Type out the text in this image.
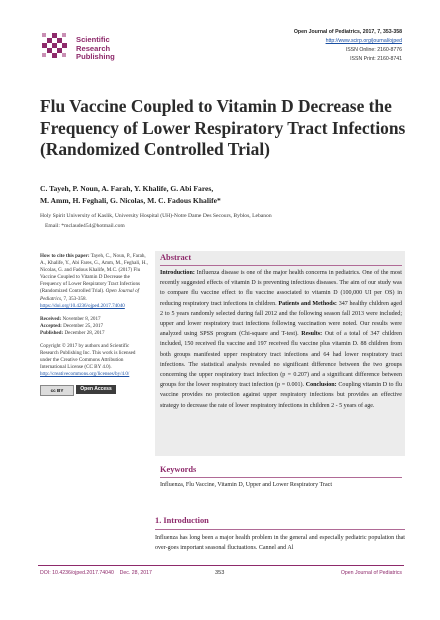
Scientific
Research
Publishing
Open Journal of Pediatrics, 2017, 7, 353-358
http://www.scirp.org/journal/ojped
ISSN Online: 2160-8776
ISSN Print: 2160-8741
Flu Vaccine Coupled to Vitamin D Decrease the Frequency of Lower Respiratory Tract Infections (Randomized Controlled Trial)
C. Tayeh, P. Noun, A. Farah, Y. Khalife, G. Abi Fares,
M. Amm, H. Feghali, G. Nicolas, M. C. Fadous Khalife*
Holy Spirit University of Kaslik, University Hospital (UH)-Notre Dame Des Secours, Byblos, Lebanon
Email: *mclaude454@hotmail.com

How to cite this paper: Tayeh, C., Noun, P., Farah, A., Khalife, Y., Abi Fares, G., Amm, M., Feghali, H., Nicolas, G. and Fadous Khalife, M.C. (2017) Flu Vaccine Coupled to Vitamin D Decrease the Frequency of Lower Respiratory Tract Infections (Randomized Controlled Trial). Open Journal of Pediatrics, 7, 353-358. https://doi.org/10.4236/ojped.2017.74040

Received: November 8, 2017
Accepted: December 25, 2017
Published: December 28, 2017

Copyright © 2017 by authors and Scientific Research Publishing Inc. This work is licensed under the Creative Commons Attribution International License (CC BY 4.0).
http://creativecommons.org/licenses/by/4.0/

cc BY	Open Access
Abstract
Introduction: Influenza disease is one of the major health concerns in pediatrics. One of the most recently suggested effects of vitamin D is preventing infectious diseases. The aim of our study was to compare flu vaccine effect to flu vaccine associated to vitamin D (100,000 UI per OS) in reducing respiratory tract infections in children. Patients and Methods: 347 healthy children aged 2 to 5 years randomly selected during fall 2012 and the following season fall 2013 were included; upper and lower respiratory tract infections following vaccination were noted. Our results were analyzed using SPSS program (Chi-square and T-test). Results: Out of a total of 347 children included, 150 received flu vaccine and 197 received flu vaccine plus vitamin D. 88 children from both groups manifested upper respiratory tract infections and 64 had lower respiratory tract infections. The statistical analysis revealed no significant difference between the two groups concerning the upper respiratory tract infection (p = 0.207) and a significant difference between groups for the lower respiratory tract infection (p = 0.001). Conclusion: Coupling vitamin D to flu vaccine provides no protection against upper respiratory infections but provides an effective strategy to decrease the rate of lower respiratory infections in children 2 - 5 years of age.
Keywords
Influenza, Flu Vaccine, Vitamin D, Upper and Lower Respiratory Tract
1. Introduction
Influenza has long been a major health problem in the general and especially pediatric population that over-goes important seasonal fluctuations. Cannel and Al
DOI: 10.4236/ojped.2017.74040 Dec. 28, 2017	353	Open Journal of Pediatrics
